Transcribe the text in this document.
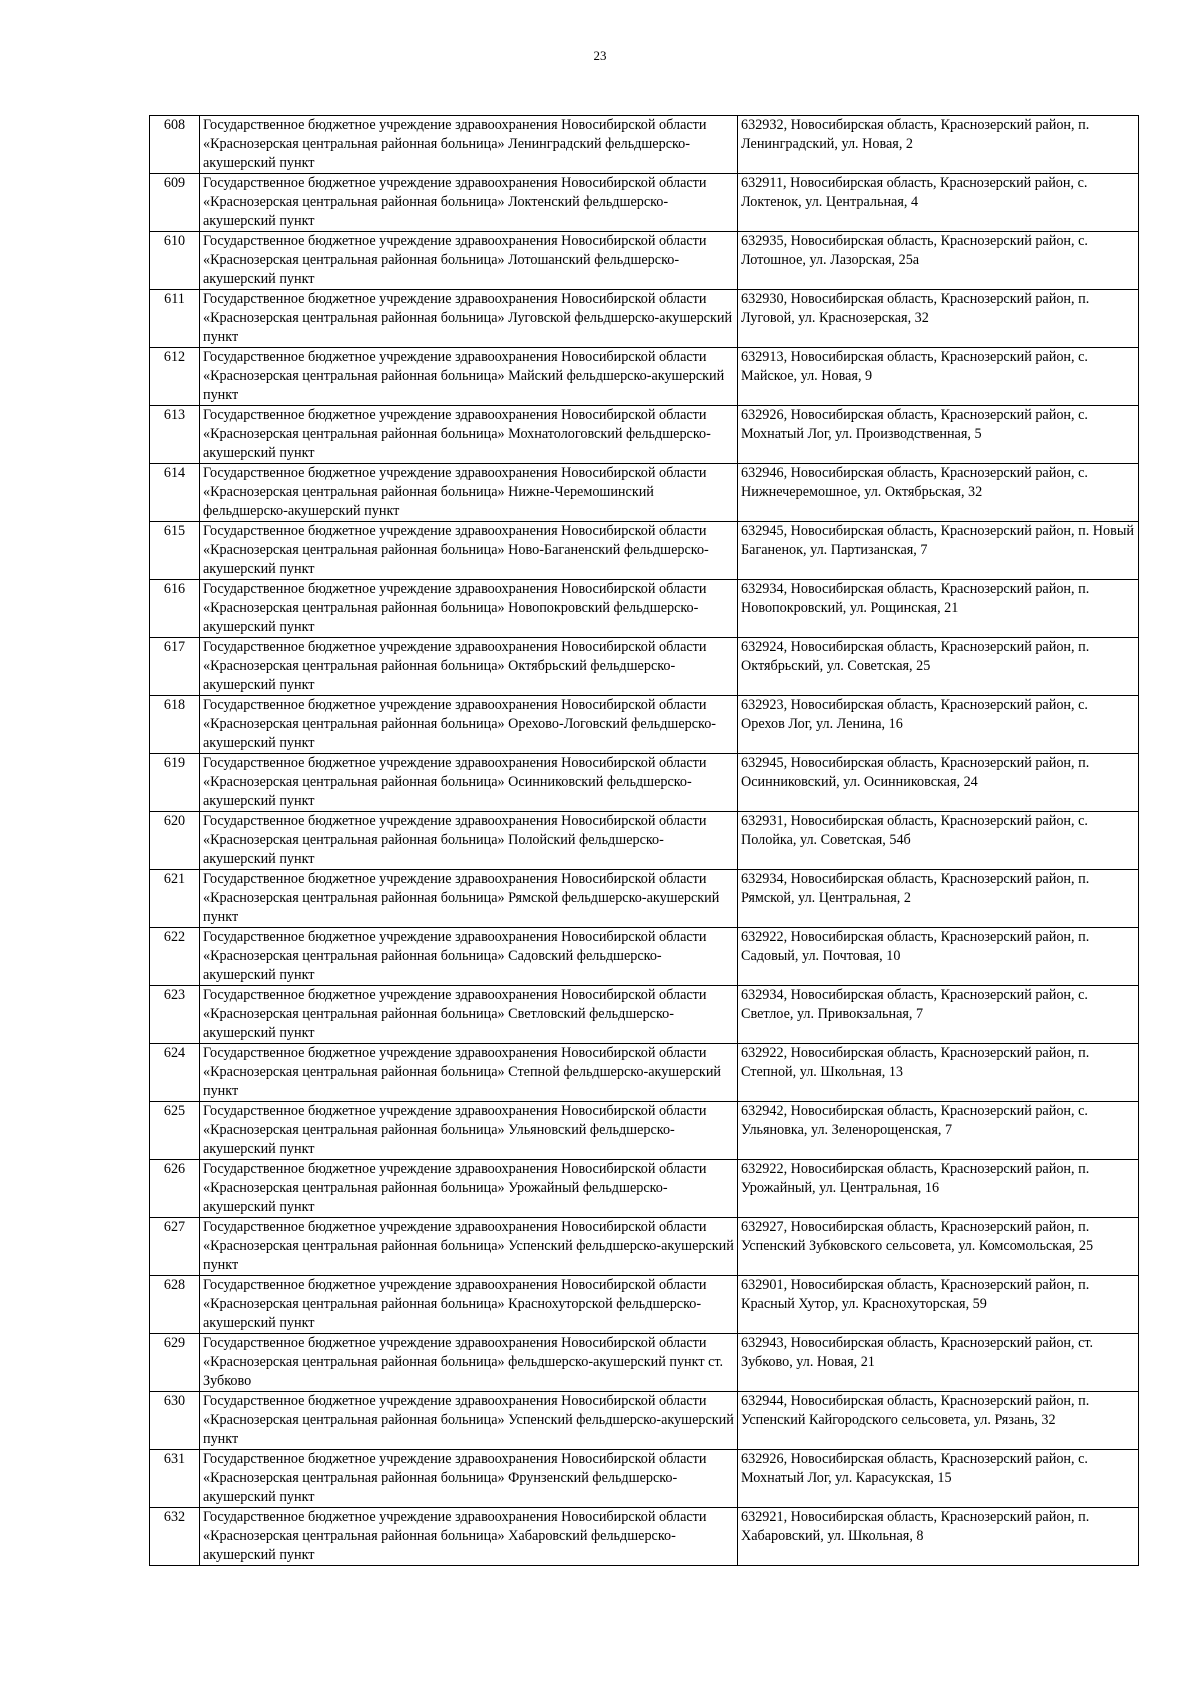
23
608	Государственное бюджетное учреждение здравоохранения Новосибирской области «Краснозерская центральная районная больница» Ленинградский фельдшерско-акушерский пункт	632932, Новосибирская область, Краснозерский район, п. Ленинградский, ул. Новая, 2
609	Государственное бюджетное учреждение здравоохранения Новосибирской области «Краснозерская центральная районная больница» Локтенский фельдшерско-акушерский пункт	632911, Новосибирская область, Краснозерский район, с. Локтенок, ул. Центральная, 4
610	Государственное бюджетное учреждение здравоохранения Новосибирской области «Краснозерская центральная районная больница» Лотошанский фельдшерско-акушерский пункт	632935, Новосибирская область, Краснозерский район, с. Лотошное, ул. Лазорская, 25а
611	Государственное бюджетное учреждение здравоохранения Новосибирской области «Краснозерская центральная районная больница» Луговской фельдшерско-акушерский пункт	632930, Новосибирская область, Краснозерский район, п. Луговой, ул. Краснозерская, 32
612	Государственное бюджетное учреждение здравоохранения Новосибирской области «Краснозерская центральная районная больница» Майский фельдшерско-акушерский пункт	632913, Новосибирская область, Краснозерский район, с. Майское, ул. Новая, 9
613	Государственное бюджетное учреждение здравоохранения Новосибирской области «Краснозерская центральная районная больница» Мохнатологовский фельдшерско-акушерский пункт	632926, Новосибирская область, Краснозерский район, с. Мохнатый Лог, ул. Производственная, 5
614	Государственное бюджетное учреждение здравоохранения Новосибирской области «Краснозерская центральная районная больница» Нижне-Черемошинский фельдшерско-акушерский пункт	632946, Новосибирская область, Краснозерский район, с. Нижнечеремошное, ул. Октябрьская, 32
615	Государственное бюджетное учреждение здравоохранения Новосибирской области «Краснозерская центральная районная больница» Ново-Баганенский фельдшерско-акушерский пункт	632945, Новосибирская область, Краснозерский район, п. Новый Баганенок, ул. Партизанская, 7
616	Государственное бюджетное учреждение здравоохранения Новосибирской области «Краснозерская центральная районная больница» Новопокровский фельдшерско-акушерский пункт	632934, Новосибирская область, Краснозерский район, п. Новопокровский, ул. Рощинская, 21
617	Государственное бюджетное учреждение здравоохранения Новосибирской области «Краснозерская центральная районная больница» Октябрьский фельдшерско-акушерский пункт	632924, Новосибирская область, Краснозерский район, п. Октябрьский, ул. Советская, 25
618	Государственное бюджетное учреждение здравоохранения Новосибирской области «Краснозерская центральная районная больница» Орехово-Логовский фельдшерско-акушерский пункт	632923, Новосибирская область, Краснозерский район, с. Орехов Лог, ул. Ленина, 16
619	Государственное бюджетное учреждение здравоохранения Новосибирской области «Краснозерская центральная районная больница» Осинниковский фельдшерско-акушерский пункт	632945, Новосибирская область, Краснозерский район, п. Осинниковский, ул. Осинниковская, 24
620	Государственное бюджетное учреждение здравоохранения Новосибирской области «Краснозерская центральная районная больница» Полойский фельдшерско-акушерский пункт	632931, Новосибирская область, Краснозерский район, с. Полойка, ул. Советская, 54б
621	Государственное бюджетное учреждение здравоохранения Новосибирской области «Краснозерская центральная районная больница» Рямской фельдшерско-акушерский пункт	632934, Новосибирская область, Краснозерский район, п. Рямской, ул. Центральная, 2
622	Государственное бюджетное учреждение здравоохранения Новосибирской области «Краснозерская центральная районная больница» Садовский фельдшерско-акушерский пункт	632922, Новосибирская область, Краснозерский район, п. Садовый, ул. Почтовая, 10
623	Государственное бюджетное учреждение здравоохранения Новосибирской области «Краснозерская центральная районная больница» Светловский фельдшерско-акушерский пункт	632934, Новосибирская область, Краснозерский район, с. Светлое, ул. Привокзальная, 7
624	Государственное бюджетное учреждение здравоохранения Новосибирской области «Краснозерская центральная районная больница» Степной фельдшерско-акушерский пункт	632922, Новосибирская область, Краснозерский район, п. Степной, ул. Школьная, 13
625	Государственное бюджетное учреждение здравоохранения Новосибирской области «Краснозерская центральная районная больница» Ульяновский фельдшерско-акушерский пункт	632942, Новосибирская область, Краснозерский район, с. Ульяновка, ул. Зеленорощенская, 7
626	Государственное бюджетное учреждение здравоохранения Новосибирской области «Краснозерская центральная районная больница» Урожайный фельдшерско-акушерский пункт	632922, Новосибирская область, Краснозерский район, п. Урожайный, ул. Центральная, 16
627	Государственное бюджетное учреждение здравоохранения Новосибирской области «Краснозерская центральная районная больница» Успенский фельдшерско-акушерский пункт	632927, Новосибирская область, Краснозерский район, п. Успенский Зубковского сельсовета, ул. Комсомольская, 25
628	Государственное бюджетное учреждение здравоохранения Новосибирской области «Краснозерская центральная районная больница» Краснохуторской фельдшерско-акушерский пункт	632901, Новосибирская область, Краснозерский район, п. Красный Хутор, ул. Краснохуторская, 59
629	Государственное бюджетное учреждение здравоохранения Новосибирской области «Краснозерская центральная районная больница» фельдшерско-акушерский пункт ст. Зубково	632943, Новосибирская область, Краснозерский район, ст. Зубково, ул. Новая, 21
630	Государственное бюджетное учреждение здравоохранения Новосибирской области «Краснозерская центральная районная больница» Успенский фельдшерско-акушерский пункт	632944, Новосибирская область, Краснозерский район, п. Успенский Кайгородского сельсовета, ул. Рязань, 32
631	Государственное бюджетное учреждение здравоохранения Новосибирской области «Краснозерская центральная районная больница» Фрунзенский фельдшерско-акушерский пункт	632926, Новосибирская область, Краснозерский район, с. Мохнатый Лог, ул. Карасукская, 15
632	Государственное бюджетное учреждение здравоохранения Новосибирской области «Краснозерская центральная районная больница» Хабаровский фельдшерско-акушерский пункт	632921, Новосибирская область, Краснозерский район, п. Хабаровский, ул. Школьная, 8
